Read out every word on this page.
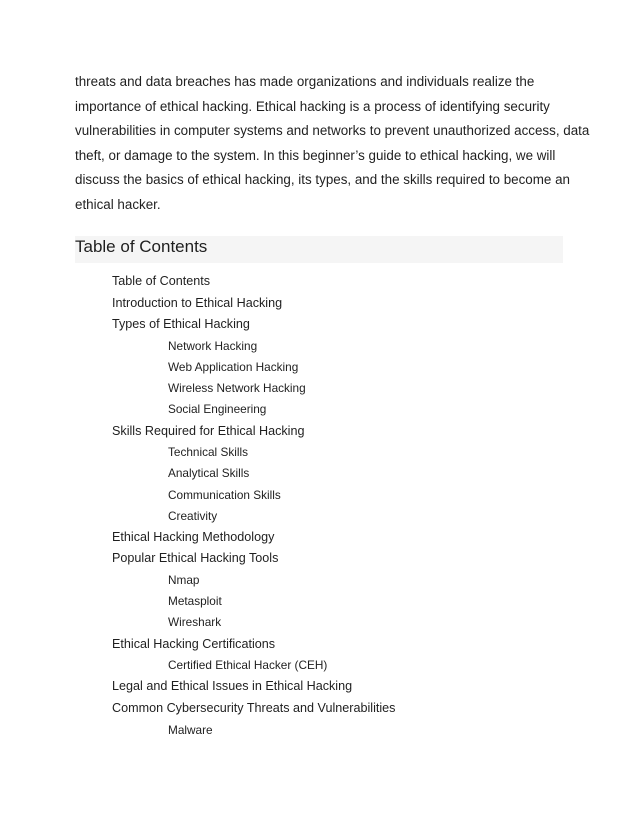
threats and data breaches has made organizations and individuals realize the
importance of ethical hacking. Ethical hacking is a process of identifying security
vulnerabilities in computer systems and networks to prevent unauthorized access, data
theft, or damage to the system. In this beginner’s guide to ethical hacking, we will
discuss the basics of ethical hacking, its types, and the skills required to become an
ethical hacker.

Table of Contents
Table of Contents
Introduction to Ethical Hacking
Types of Ethical Hacking
Network Hacking
Web Application Hacking
Wireless Network Hacking
Social Engineering
Skills Required for Ethical Hacking
Technical Skills
Analytical Skills
Communication Skills
Creativity
Ethical Hacking Methodology
Popular Ethical Hacking Tools
Nmap
Metasploit
Wireshark
Ethical Hacking Certifications
Certified Ethical Hacker (CEH)
Legal and Ethical Issues in Ethical Hacking
Common Cybersecurity Threats and Vulnerabilities
Malware
